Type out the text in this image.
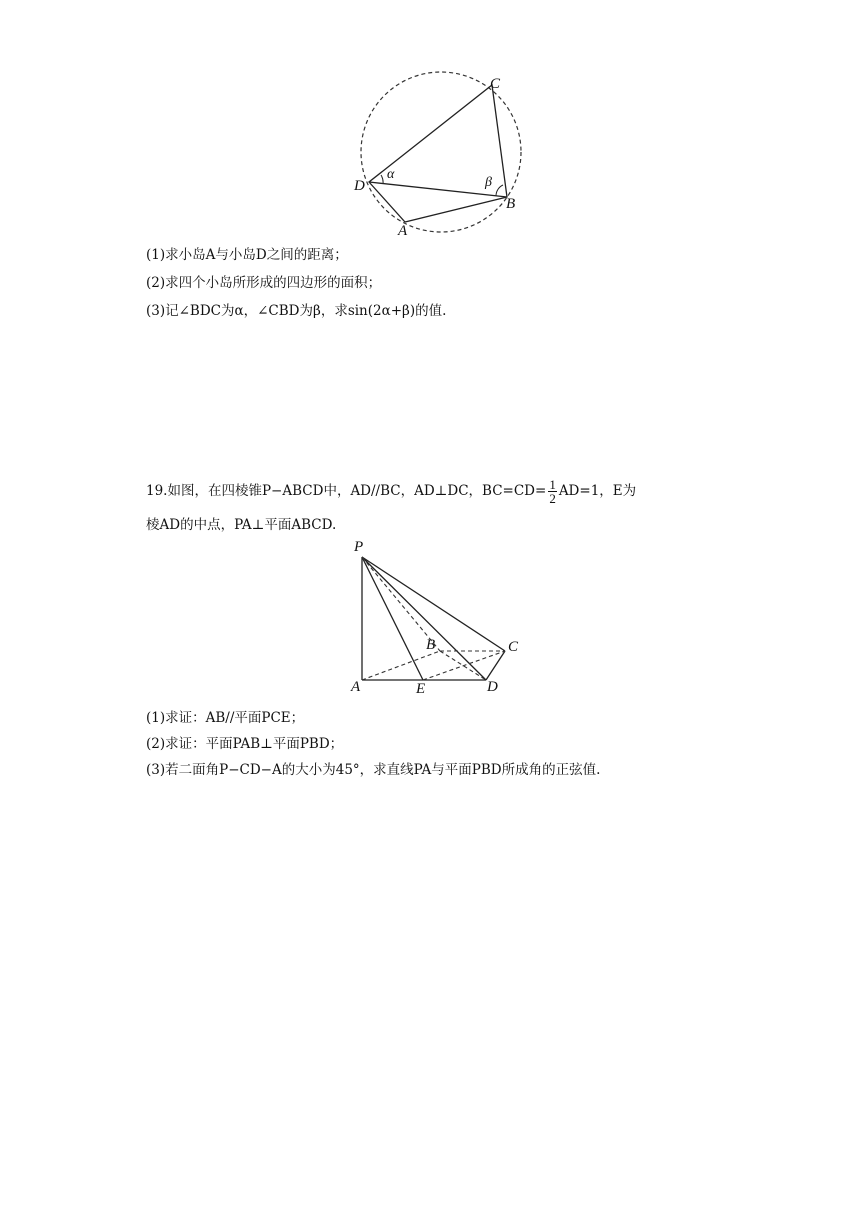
C
D
B
A
α
β
(1)求小岛A与小岛D之间的距离；
(2)求四个小岛所形成的四边形的面积；
(3)记∠BDC为α，∠CBD为β，求sin(2α+β)的值.
19.如图，在四棱锥P−ABCD中，AD//BC，AD⊥DC，$BC=CD= \frac{1}{2} AD=1$，E为
棱AD的中点，PA⊥平面ABCD.
P
B	C
A	E	D
(1)求证：AB//平面PCE；
(2)求证：平面PAB⊥平面PBD；
(3)若二面角P−CD−A的大小为45°，求直线PA与平面PBD所成角的正弦值.
